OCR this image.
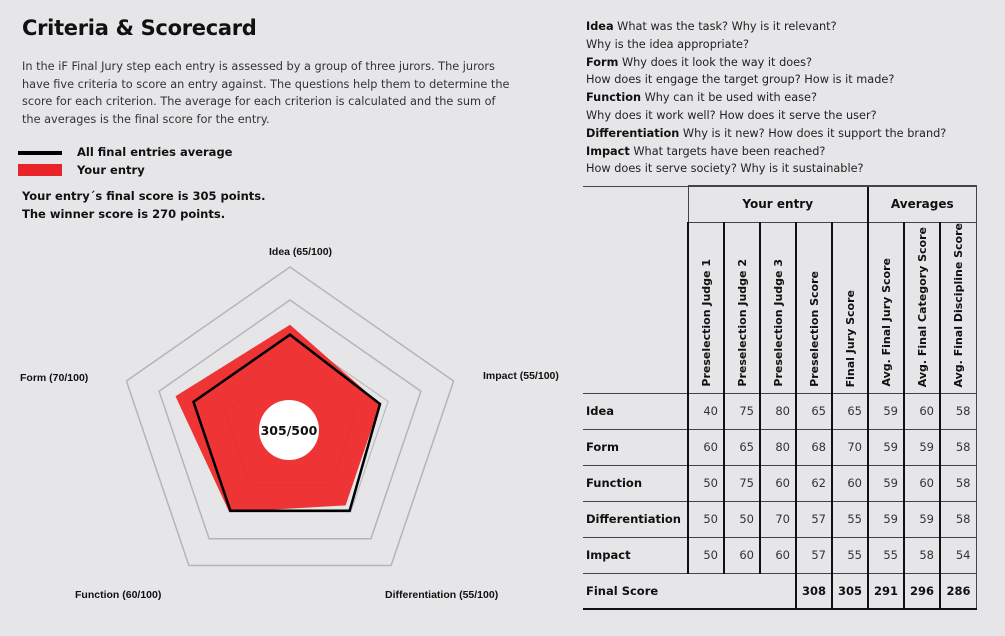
Criteria & Scorecard

In the iF Final Jury step each entry is assessed by a group of three jurors. The jurors have five criteria to score an entry against. The questions help them to determine the score for each criterion. The average for each criterion is calculated and the sum of the averages is the final score for the entry.

All final entries average
Your entry
Your entry´s final score is 305 points.
The winner score is 270 points.
Idea What was the task? Why is it relevant?
Why is the idea appropriate?
Form Why does it look the way it does?
How does it engage the target group? How is it made?
Function Why can it be used with ease?
Why does it work well? How does it serve the user?
Differentiation Why is it new? How does it support the brand?
Impact What targets have been reached?
How does it serve society? Why is it sustainable?
Idea (65/100)
Form (70/100)
Function (60/100)	Differentiation (55/100)
Impact (55/100)
305/500
	Your entry					Averages		

	Preselection Judge 1	Preselection Judge 2	Preselection Judge 3	Preselection Score	Final Jury Score	Avg. Final Jury Score	Avg. Final Category Score	Avg. Final Discipline Score

Idea	40	75	80	65	65	59	60	58
Form	60	65	80	68	70	59	59	58
Function	50	75	60	62	60	59	60	58
Differentiation	50	50	70	57	55	59	59	58
Impact	50	60	60	57	55	55	58	54
Final Score				308	305	291	296	286
